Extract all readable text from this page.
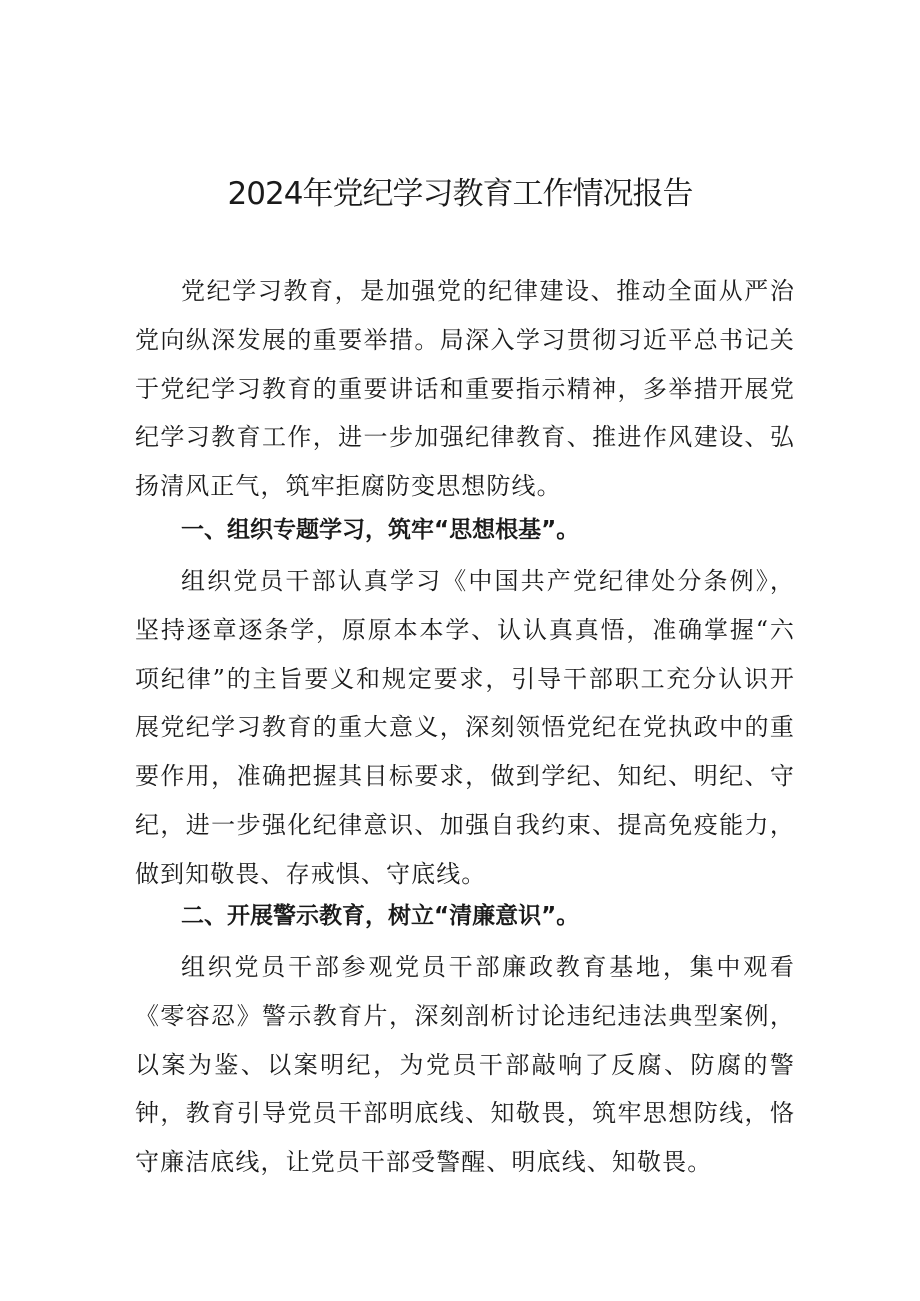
2024年党纪学习教育工作情况报告

党纪学习教育，是加强党的纪律建设、推动全面从严治党向纵深发展的重要举措。局深入学习贯彻习近平总书记关于党纪学习教育的重要讲话和重要指示精神，多举措开展党纪学习教育工作，进一步加强纪律教育、推进作风建设、弘扬清风正气，筑牢拒腐防变思想防线。

一、组织专题学习，筑牢“思想根基”。

组织党员干部认真学习《中国共产党纪律处分条例》，坚持逐章逐条学，原原本本学、认认真真悟，准确掌握“六项纪律”的主旨要义和规定要求，引导干部职工充分认识开展党纪学习教育的重大意义，深刻领悟党纪在党执政中的重要作用，准确把握其目标要求，做到学纪、知纪、明纪、守纪，进一步强化纪律意识、加强自我约束、提高免疫能力，做到知敬畏、存戒惧、守底线。

二、开展警示教育，树立“清廉意识”。

组织党员干部参观党员干部廉政教育基地，集中观看《零容忍》警示教育片，深刻剖析讨论违纪违法典型案例，以案为鉴、以案明纪，为党员干部敲响了反腐、防腐的警钟，教育引导党员干部明底线、知敬畏，筑牢思想防线，恪守廉洁底线，让党员干部受警醒、明底线、知敬畏。
